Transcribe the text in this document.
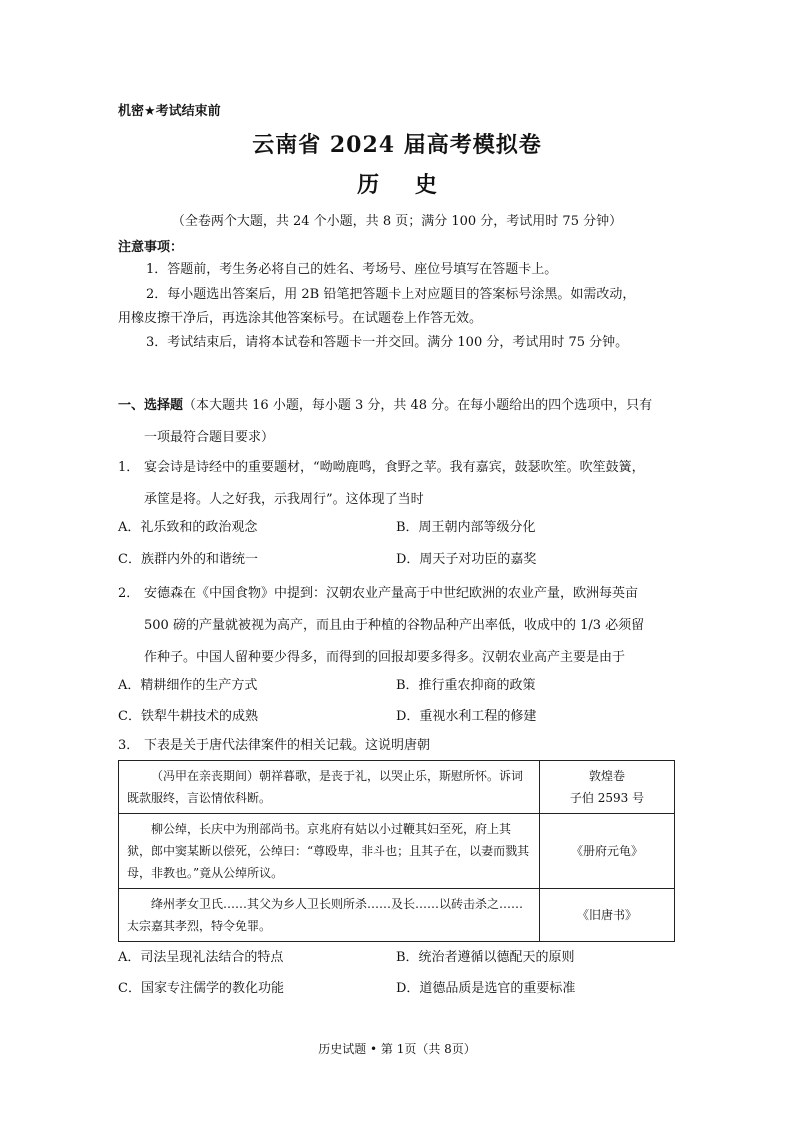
机密★考试结束前

云南省 2024 届高考模拟卷

历 史

（全卷两个大题，共 24 个小题，共 8 页；满分 100 分，考试用时 75 分钟）

注意事项：

1．答题前，考生务必将自己的姓名、考场号、座位号填写在答题卡上。

2．每小题选出答案后，用 2B 铅笔把答题卡上对应题目的答案标号涂黑。如需改动，

用橡皮擦干净后，再选涂其他答案标号。在试题卷上作答无效。

3．考试结束后，请将本试卷和答题卡一并交回。满分 100 分，考试用时 75 分钟。

一、选择题（本大题共 16 小题，每小题 3 分，共 48 分。在每小题给出的四个选项中，只有
一项最符合题目要求）
1． 宴会诗是诗经中的重要题材，“呦呦鹿鸣，食野之苹。我有嘉宾，鼓瑟吹笙。吹笙鼓簧，
承筐是将。人之好我，示我周行”。这体现了当时

A．礼乐致和的政治观念	B．周王朝内部等级分化

C．族群内外的和谐统一	D．周天子对功臣的嘉奖

2． 安德森在《中国食物》中提到：汉朝农业产量高于中世纪欧洲的农业产量，欧洲每英亩
500 磅的产量就被视为高产，而且由于种植的谷物品种产出率低，收成中的 1/3 必须留
作种子。中国人留种要少得多，而得到的回报却要多得多。汉朝农业高产主要是由于

A．精耕细作的生产方式	B．推行重农抑商的政策

C．铁犁牛耕技术的成熟	D．重视水利工程的修建

3． 下表是关于唐代法律案件的相关记载。这说明唐朝
（冯甲在亲丧期间）朝祥暮歌，是丧于礼，以哭止乐，斯慰所怀。诉词既款服终，言讼情依科断。	敦煌卷
子伯 2593 号
柳公绰，长庆中为刑部尚书。京兆府有姑以小过鞭其妇至死，府上其狱，郎中窦某断以偿死，公绰曰：“尊殴卑，非斗也；且其子在，以妻而戮其母，非教也。”竟从公绰所议。	《册府元龟》
绛州孝女卫氏……其父为乡人卫长则所杀……及长……以砖击杀之……太宗嘉其孝烈，特令免罪。	《旧唐书》

A．司法呈现礼法结合的特点	B．统治者遵循以德配天的原则

C．国家专注儒学的教化功能	D．道德品质是选官的重要标准

历史试题 • 第 1页（共 8页）
